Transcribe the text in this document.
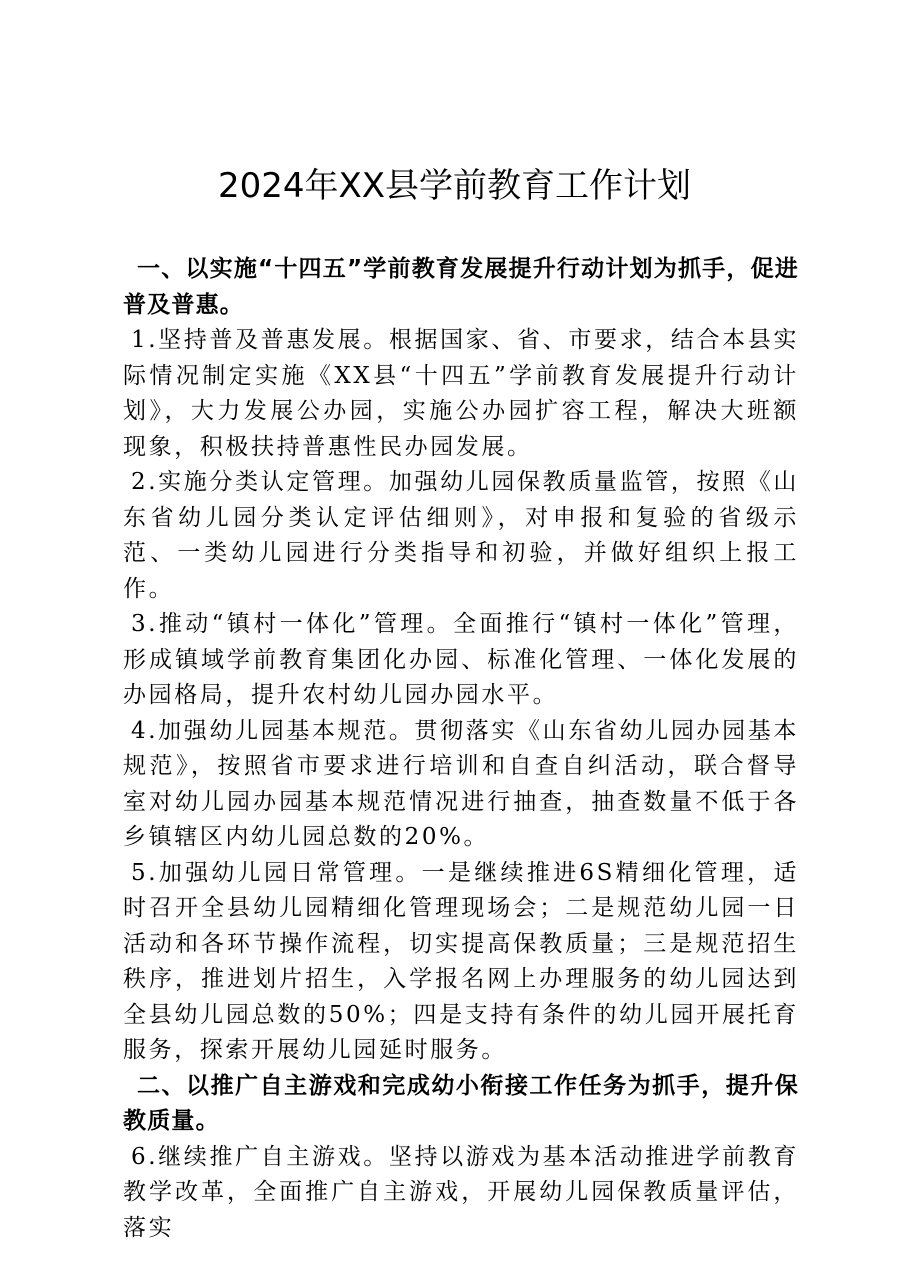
2024年XX县学前教育工作计划

一、以实施“十四五”学前教育发展提升行动计划为抓手，促进普及普惠。

1.坚持普及普惠发展。根据国家、省、市要求，结合本县实际情况制定实施《XX县“十四五”学前教育发展提升行动计划》，大力发展公办园，实施公办园扩容工程，解决大班额现象，积极扶持普惠性民办园发展。

2.实施分类认定管理。加强幼儿园保教质量监管，按照《山东省幼儿园分类认定评估细则》，对申报和复验的省级示范、一类幼儿园进行分类指导和初验，并做好组织上报工作。

3.推动“镇村一体化”管理。全面推行“镇村一体化”管理，形成镇域学前教育集团化办园、标准化管理、一体化发展的办园格局，提升农村幼儿园办园水平。

4.加强幼儿园基本规范。贯彻落实《山东省幼儿园办园基本规范》，按照省市要求进行培训和自查自纠活动，联合督导室对幼儿园办园基本规范情况进行抽查，抽查数量不低于各乡镇辖区内幼儿园总数的20%。

5.加强幼儿园日常管理。一是继续推进6S精细化管理，适时召开全县幼儿园精细化管理现场会；二是规范幼儿园一日活动和各环节操作流程，切实提高保教质量；三是规范招生秩序，推进划片招生，入学报名网上办理服务的幼儿园达到全县幼儿园总数的50%；四是支持有条件的幼儿园开展托育服务，探索开展幼儿园延时服务。

二、以推广自主游戏和完成幼小衔接工作任务为抓手，提升保教质量。

6.继续推广自主游戏。坚持以游戏为基本活动推进学前教育教学改革，全面推广自主游戏，开展幼儿园保教质量评估，落实
